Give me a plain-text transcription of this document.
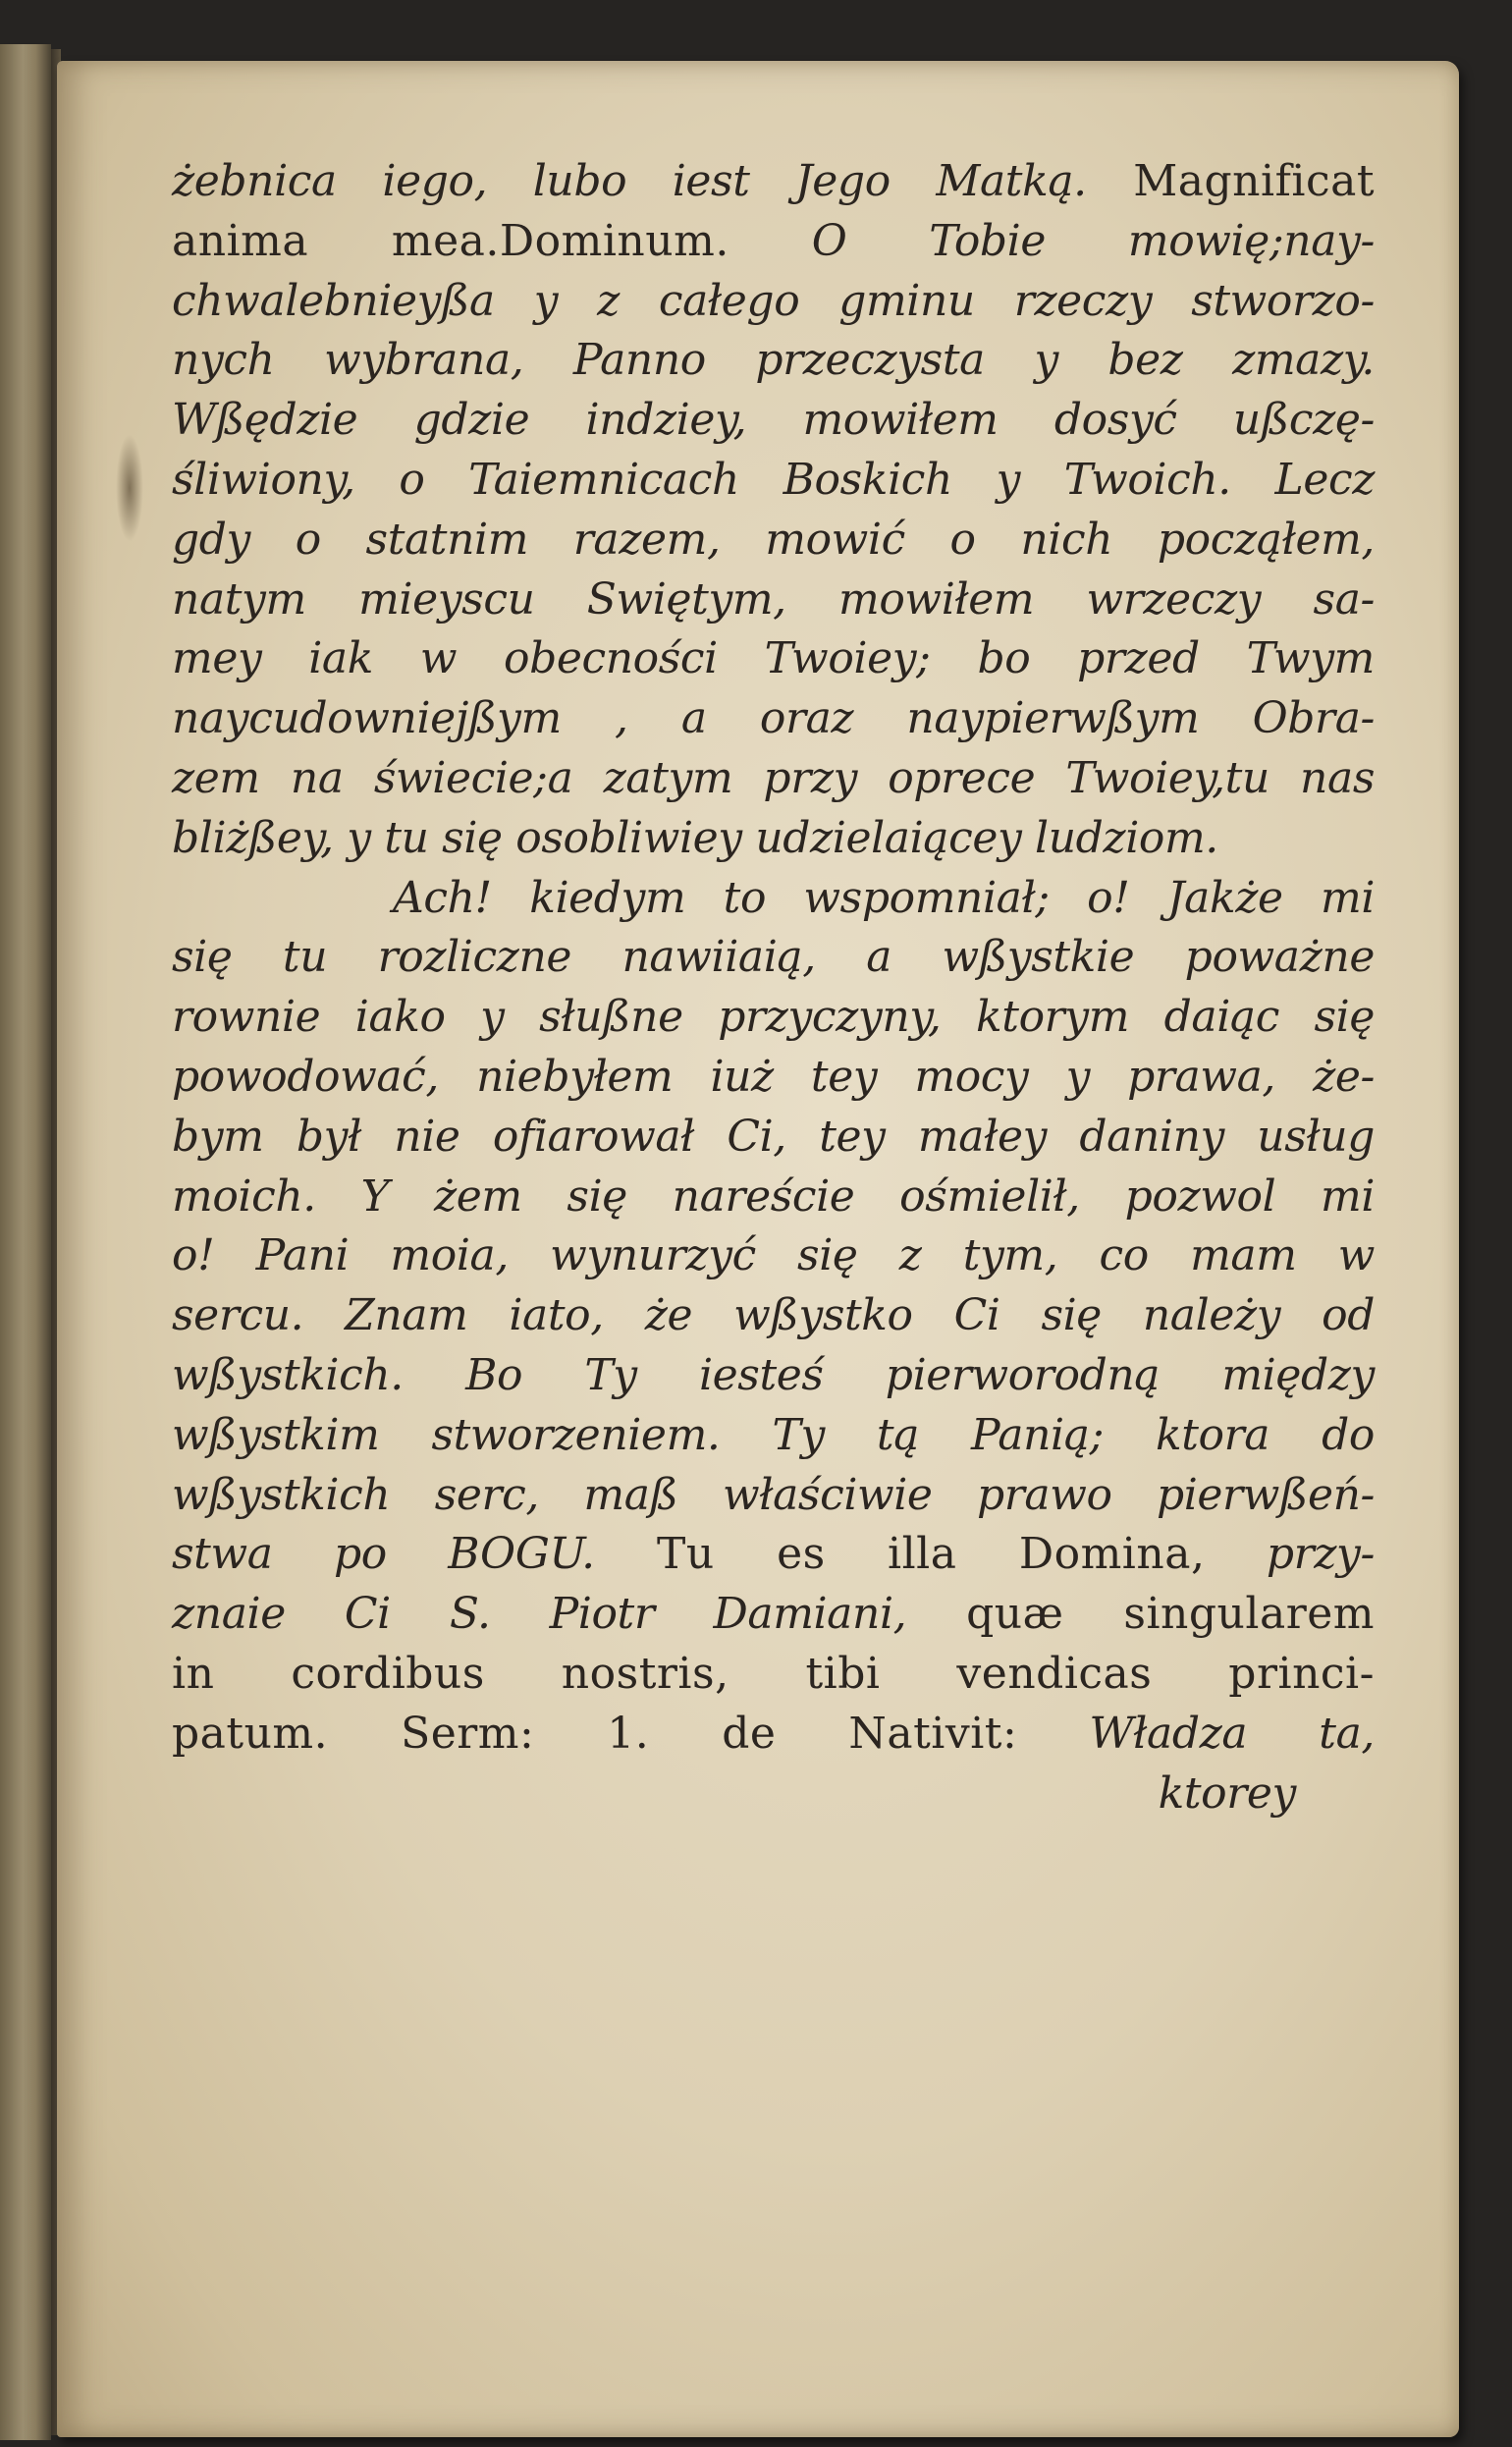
żebnica iego, lubo iest Jego Matką. Magnificat
anima mea.Dominum. O Tobie mowię;nay-
chwalebnieyßa y z całego gminu rzeczy stworzo-
nych wybrana, Panno przeczysta y bez zmazy.
Wßędzie gdzie indziey, mowiłem dosyć ußczę-
śliwiony, o Taiemnicach Boskich y Twoich. Lecz
gdy o statnim razem, mowić o nich począłem,
natym mieyscu Swiętym, mowiłem wrzeczy sa-
mey iak w obecności Twoiey; bo przed Twym
naycudowniejßym , a oraz naypierwßym Obra-
zem na świecie;a zatym przy oprece Twoiey,tu nas
bliżßey, y tu się osobliwiey udzielaiącey ludziom.
Ach! kiedym to wspomniał; o! Jakże mi
się tu rozliczne nawiiaią, a wßystkie poważne
rownie iako y słußne przyczyny, ktorym daiąc się
powodować, niebyłem iuż tey mocy y prawa, że-
bym był nie ofiarował Ci, tey małey daniny usług
moich. Y żem się nareście ośmielił, pozwol mi
o! Pani moia, wynurzyć się z tym, co mam w
sercu. Znam iato, że wßystko Ci się należy od
wßystkich. Bo Ty iesteś pierworodną między
wßystkim stworzeniem. Ty tą Panią; ktora do
wßystkich serc, maß właściwie prawo pierwßeń-
stwa po BOGU. Tu es illa Domina, przy-
znaie Ci S. Piotr Damiani, quæ singularem
in cordibus nostris, tibi vendicas princi-
patum. Serm: 1. de Nativit: Władza ta,
ktorey
